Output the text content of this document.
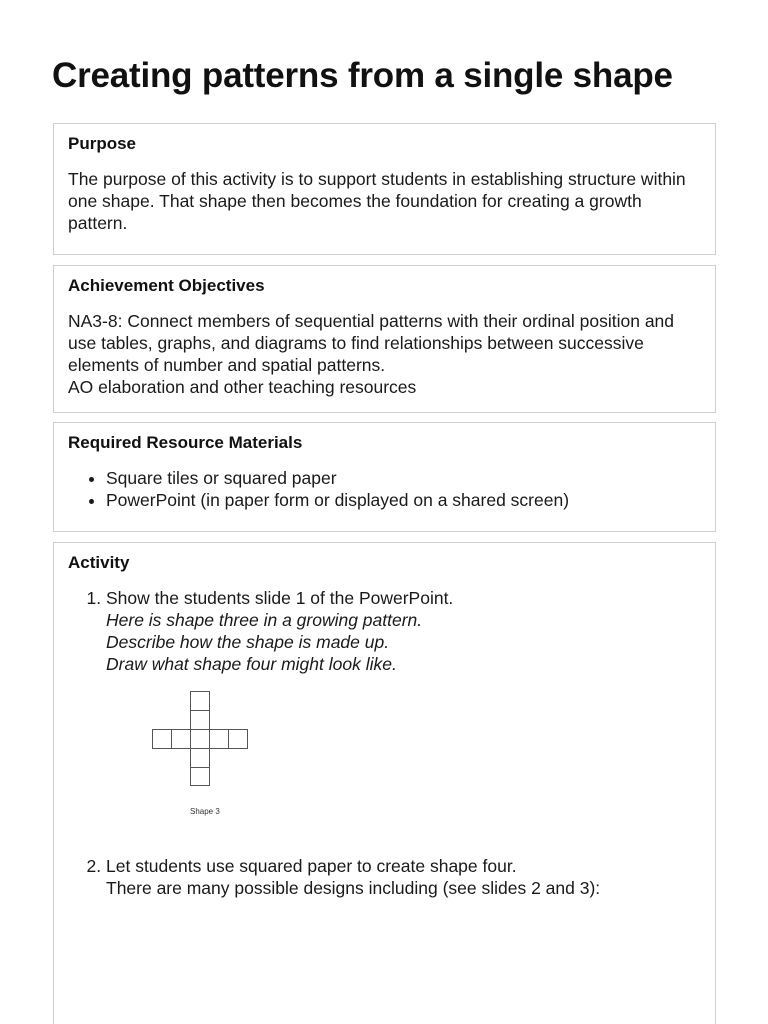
Creating patterns from a single shape
Purpose

The purpose of this activity is to support students in establishing structure within one shape. That shape then becomes the foundation for creating a growth pattern.

Achievement Objectives

NA3-8: Connect members of sequential patterns with their ordinal position and use tables, graphs, and diagrams to find relationships between successive elements of number and spatial patterns.

AO elaboration and other teaching resources

Required Resource Materials
• Square tiles or squared paper
• PowerPoint (in paper form or displayed on a shared screen)
Activity
1. Show the students slide 1 of the PowerPoint.
Here is shape three in a growing pattern.
Describe how the shape is made up.
Draw what shape four might look like.
Shape 3
2. Let students use squared paper to create shape four.
There are many possible designs including (see slides 2 and 3):
